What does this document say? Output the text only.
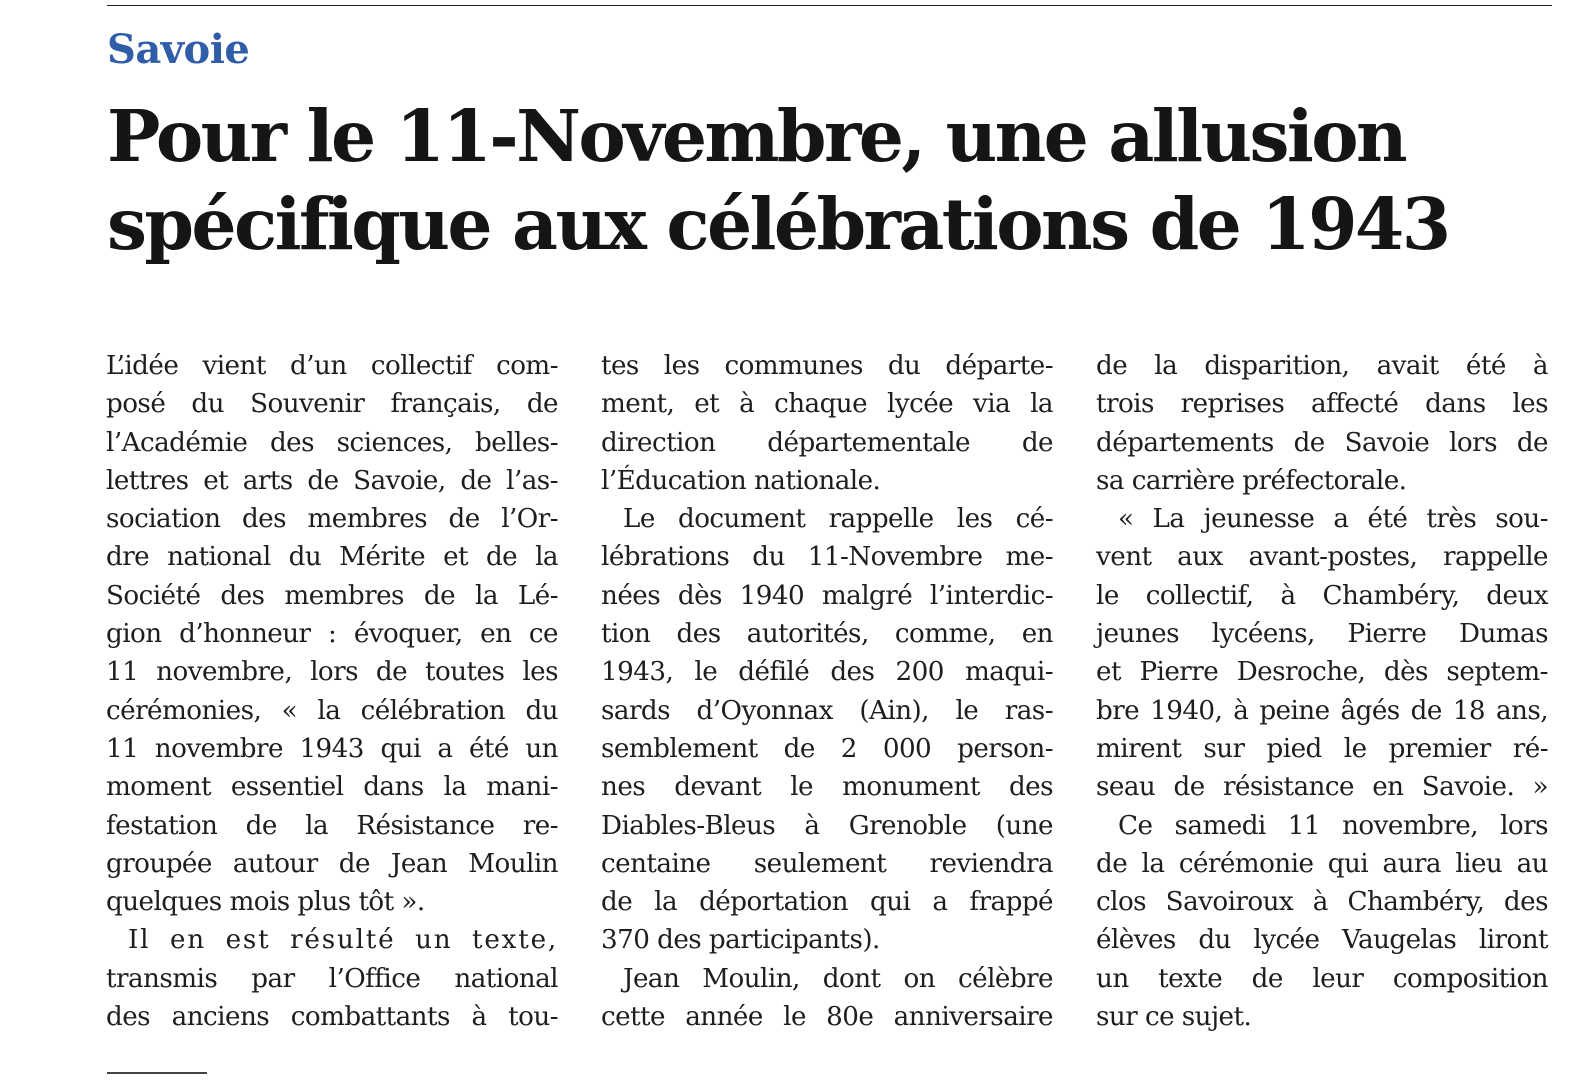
Savoie
Pour le 11-Novembre, une allusion
spécifique aux célébrations de 1943
L’idée vient d’un collectif com-
posé du Souvenir français, de
l’Académie des sciences, belles-
lettres et arts de Savoie, de l’as-
sociation des membres de l’Or-
dre national du Mérite et de la
Société des membres de la Lé-
gion d’honneur : évoquer, en ce
11 novembre, lors de toutes les
cérémonies, « la célébration du
11 novembre 1943 qui a été un
moment essentiel dans la mani-
festation de la Résistance re-
groupée autour de Jean Moulin
quelques mois plus tôt ».
Il en est résulté un texte,
transmis par l’Office national
des anciens combattants à tou-
tes les communes du départe-
ment, et à chaque lycée via la
direction départementale de
l’Éducation nationale.
Le document rappelle les cé-
lébrations du 11-Novembre me-
nées dès 1940 malgré l’interdic-
tion des autorités, comme, en
1943, le défilé des 200 maqui-
sards d’Oyonnax (Ain), le ras-
semblement de 2 000 person-
nes devant le monument des
Diables-Bleus à Grenoble (une
centaine seulement reviendra
de la déportation qui a frappé
370 des participants).
Jean Moulin, dont on célèbre
cette année le 80e anniversaire
de la disparition, avait été à
trois reprises affecté dans les
départements de Savoie lors de
sa carrière préfectorale.
« La jeunesse a été très sou-
vent aux avant-postes, rappelle
le collectif, à Chambéry, deux
jeunes lycéens, Pierre Dumas
et Pierre Desroche, dès septem-
bre 1940, à peine âgés de 18 ans,
mirent sur pied le premier ré-
seau de résistance en Savoie. »
Ce samedi 11 novembre, lors
de la cérémonie qui aura lieu au
clos Savoiroux à Chambéry, des
élèves du lycée Vaugelas liront
un texte de leur composition
sur ce sujet.
